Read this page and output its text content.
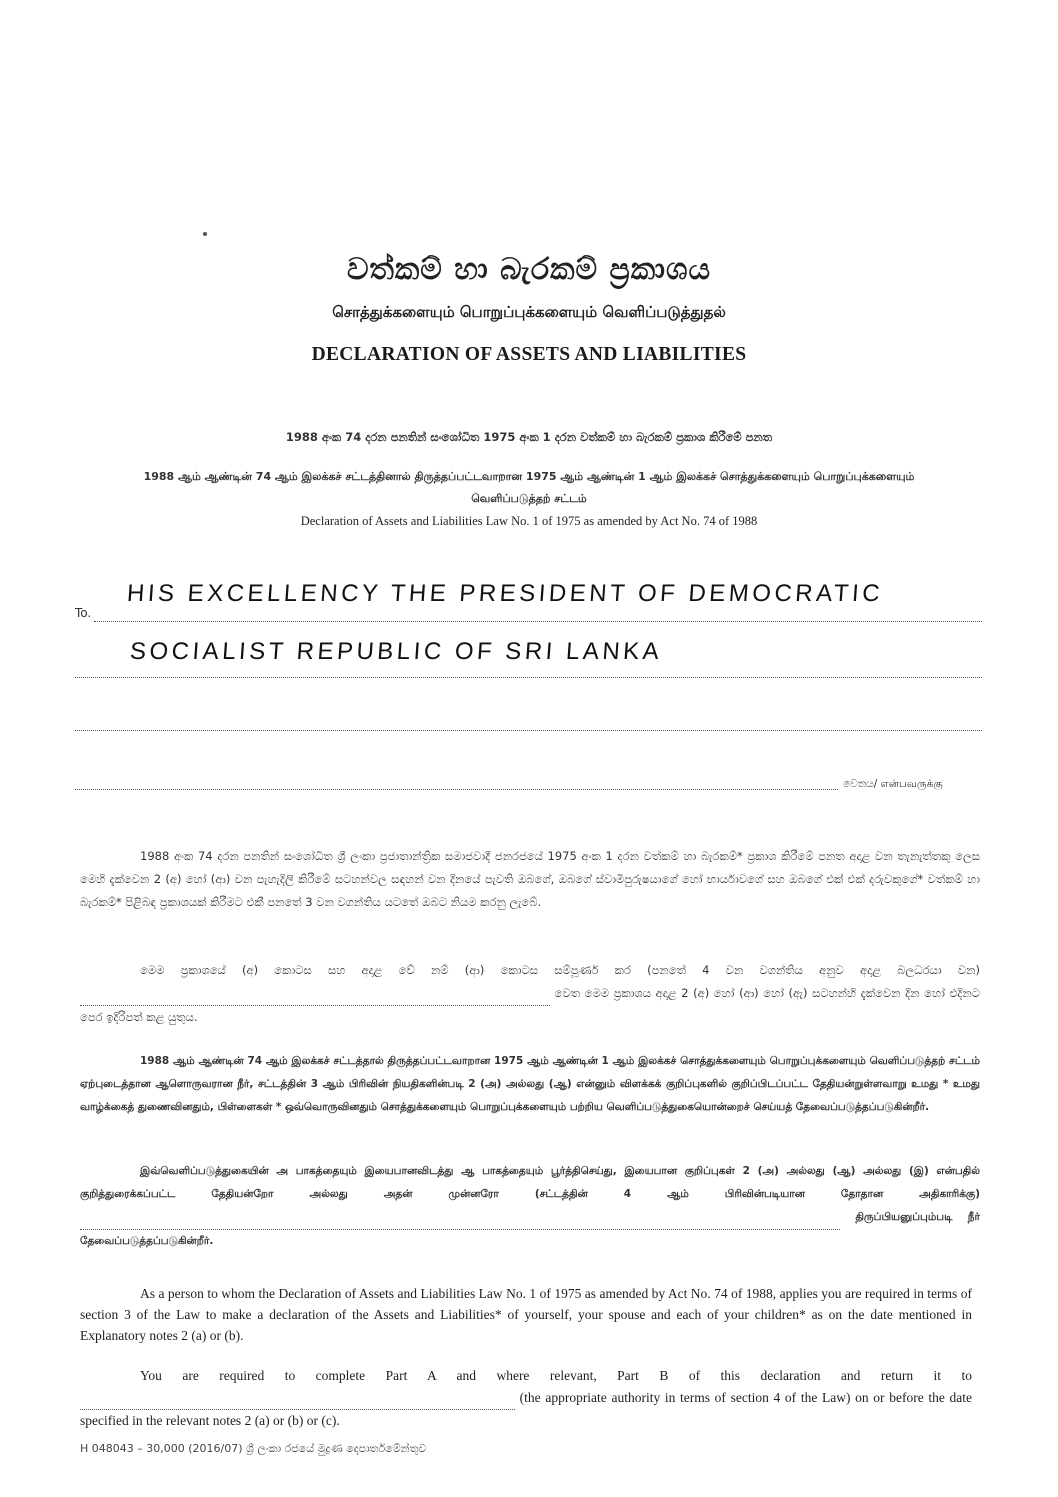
වත්කම් හා බැරකම් ප්‍රකාශය
சொத்துக்களையும் பொறுப்புக்களையும் வெளிப்படுத்துதல்
DECLARATION OF ASSETS AND LIABILITIES
1988 අංක 74 දරන පනතින් සංශෝධිත 1975 අංක 1 දරන වත්කම් හා බැරකම් ප්‍රකාශ කිරීමේ පනත
1988 ஆம் ஆண்டின் 74 ஆம் இலக்கச் சட்டத்தினால் திருத்தப்பட்டவாறான 1975 ஆம் ஆண்டின் 1 ஆம் இலக்கச் சொத்துக்களையும் பொறுப்புக்களையும்
வெளிப்படுத்தற் சட்டம்
Declaration of Assets and Liabilities Law No. 1 of 1975 as amended by Act No. 74 of 1988
To.
HIS EXCELLENCY THE PRESIDENT OF DEMOCRATIC
SOCIALIST REPUBLIC OF SRI LANKA
වෙතය/ என்பவருக்கு
1988 අංක 74 දරන පනතින් සංශෝධිත ශ්‍රී ලංකා ප්‍රජාතාන්ත්‍රික සමාජවාදී ජනරජයේ 1975 අංක 1 දරන වත්කම් හා බැරකම්* ප්‍රකාශ කිරීමේ පනත අදාළ වන තැනැත්තකු ලෙස මෙහි දැක්වෙන 2 (අ) හෝ (ආ) වන පැහැදිලි කිරීමේ සටහන්වල සඳහන් වන දිනයේ පැවති ඔබගේ, ඔබගේ ස්වාමිපුරුෂයාගේ හෝ භාර්යාවගේ සහ ඔබගේ එක් එක් දරුවකුගේ* වත්කම් හා බැරකම්* පිළිබඳ ප්‍රකාශයක් කිරීමට එකී පනතේ 3 වන වගන්තිය යටතේ ඔබට නියම කරනු ලැබේ.
මෙම ප්‍රකාශයේ (අ) කොටස සහ අදාළ වේ නම් (ආ) කොටස සම්පූර්ණ කර (පනතේ 4 වන වගන්තිය අනුව අදාළ බලධරයා වන)   වෙත මෙම ප්‍රකාශය අදාළ 2 (අ) හෝ (ආ) හෝ (ඇ) සටහන්හි දැක්වෙන දින හෝ එදිනට පෙර ඉදිරිපත් කළ යුතුය.
1988 ஆம் ஆண்டின் 74 ஆம் இலக்கச் சட்டத்தால் திருத்தப்பட்டவாறான 1975 ஆம் ஆண்டின் 1 ஆம் இலக்கச் சொத்துக்களையும் பொறுப்புக்களையும் வெளிப்படுத்தற் சட்டம் ஏற்புடைத்தான ஆளொருவரான நீர், சட்டத்தின் 3 ஆம் பிரிவின் நியதிகளின்படி 2 (அ) அல்லது (ஆ) என்னும் விளக்கக் குறிப்புகளில் குறிப்பிடப்பட்ட தேதியன்றுள்ளவாறு உமது * உமது வாழ்க்கைத் துணைவினதும், பிள்ளைகள் * ஒவ்வொருவினதும் சொத்துக்களையும் பொறுப்புக்களையும் பற்றிய வெளிப்படுத்துகையொன்றைச் செய்யத் தேவைப்படுத்தப்படுகின்றீர்.
இவ்வெளிப்படுத்துகையின் அ பாகத்தையும் இயைபானவிடத்து ஆ பாகத்தையும் பூர்த்திசெய்து, இயைபான குறிப்புகள் 2 (அ) அல்லது (ஆ) அல்லது (இ) என்பதில் குறித்துரைக்கப்பட்ட தேதியன்றோ அல்லது அதன் முன்னரோ (சட்டத்தின் 4 ஆம் பிரிவின்படியான தோதான அதிகாரிக்கு)   திருப்பியனுப்பும்படி நீர் தேவைப்படுத்தப்படுகின்றீர்.
As a person to whom the Declaration of Assets and Liabilities Law No. 1 of 1975 as amended by Act No. 74 of 1988, applies you are required in terms of section 3 of the Law to make a declaration of the Assets and Liabilities* of yourself, your spouse and each of your children* as on the date mentioned in Explanatory notes 2 (a) or (b).
You are required to complete Part A and where relevant, Part B of this declaration and return it to   (the appropriate authority in terms of section 4 of the Law) on or before the date specified in the relevant notes 2 (a) or (b) or (c).
H 048043 – 30,000 (2016/07) ශ්‍රී ලංකා රජයේ මුද්‍රණ දෙපාර්තමේන්තුව
